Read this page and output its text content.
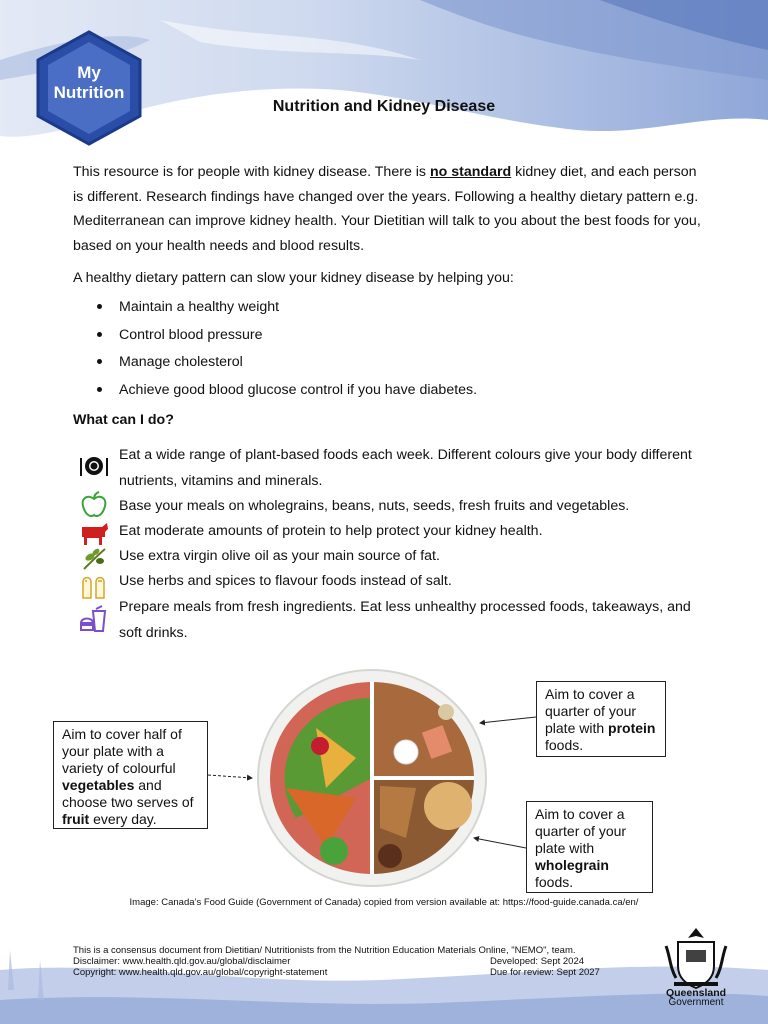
My
Nutrition
Nutrition and Kidney Disease

This resource is for people with kidney disease. There is no standard kidney diet, and each person is different. Research findings have changed over the years. Following a healthy dietary pattern e.g. Mediterranean can improve kidney health. Your Dietitian will talk to you about the best foods for you, based on your health needs and blood results.

A healthy dietary pattern can slow your kidney disease by helping you:

Maintain a healthy weight
Control blood pressure
Manage cholesterol
Achieve good blood glucose control if you have diabetes.
What can I do?
Eat a wide range of plant-based foods each week. Different colours give your body different nutrients, vitamins and minerals.
Base your meals on wholegrains, beans, nuts, seeds, fresh fruits and vegetables.
Eat moderate amounts of protein to help protect your kidney health.
Use extra virgin olive oil as your main source of fat.
Use herbs and spices to flavour foods instead of salt.
Prepare meals from fresh ingredients. Eat less unhealthy processed foods, takeaways, and soft drinks.
Aim to cover half of your plate with a variety of colourful vegetables and choose two serves of fruit every day.
Aim to cover a quarter of your plate with protein foods.
Aim to cover a quarter of your plate with wholegrain foods.
Image: Canada’s Food Guide (Government of Canada) copied from version available at: https://food-guide.canada.ca/en/
This is a consensus document from Dietitian/ Nutritionists from the Nutrition Education Materials Online, "NEMO", team.
Disclaimer: www.health.qld.gov.au/global/disclaimer
Copyright: www.health.qld.gov.au/global/copyright-statement
Developed: Sept 2024
Due for review: Sept 2027
Queensland
Government
